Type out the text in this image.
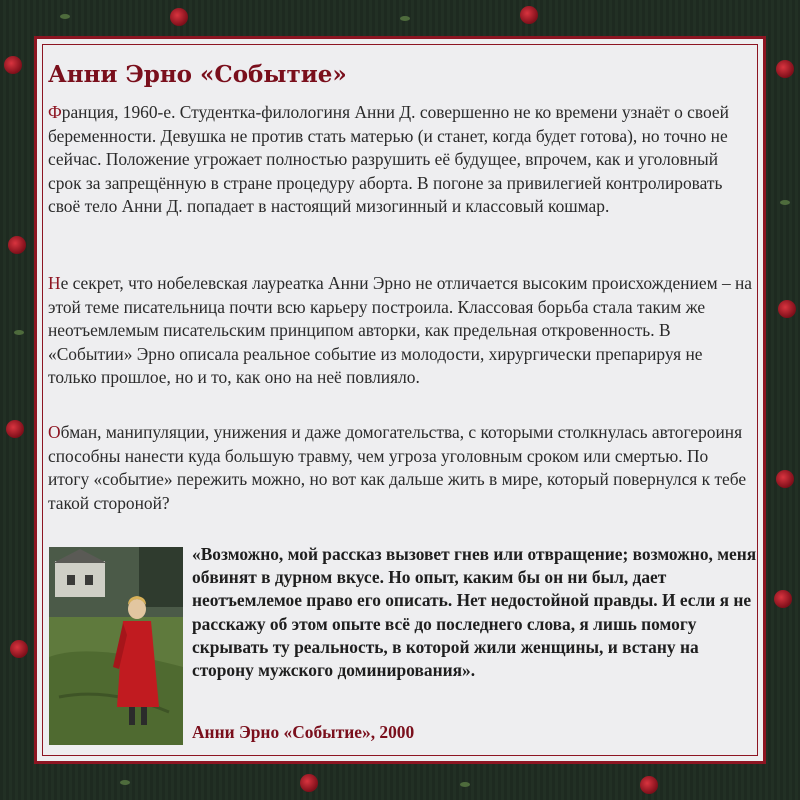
Анни Эрно «Событие»

Франция, 1960-е. Студентка-филологиня Анни Д. совершенно не ко времени узнаёт о своей беременности. Девушка не против стать матерью (и станет, когда будет готова), но точно не сейчас. Положение угрожает полностью разрушить её будущее, впрочем, как и уголовный срок за запрещённую в стране процедуру аборта. В погоне за привилегией контролировать своё тело Анни Д. попадает в настоящий мизогинный и классовый кошмар.

Не секрет, что нобелевская лауреатка Анни Эрно не отличается высоким происхождением – на этой теме писательница почти всю карьеру построила. Классовая борьба стала таким же неотъемлемым писательским принципом авторки, как предельная откровенность. В «Событии» Эрно описала реальное событие из молодости, хирургически препарируя не только прошлое, но и то, как оно на неё повлияло.

Обман, манипуляции, унижения и даже домогательства, с которыми столкнулась автогероиня способны нанести куда большую травму, чем угроза уголовным сроком или смертью. По итогу «событие» пережить можно, но вот как дальше жить в мире, который повернулся к тебе такой стороной?

«Возможно, мой рассказ вызовет гнев или отвращение; возможно, меня обвинят в дурном вкусе. Но опыт, каким бы он ни был, дает неотъемлемое право его описать. Нет недостойной правды. И если я не расскажу об этом опыте всё до последнего слова, я лишь помогу скрывать ту реальность, в которой жили женщины, и встану на сторону мужского доминирования».

Анни Эрно «Событие», 2000
